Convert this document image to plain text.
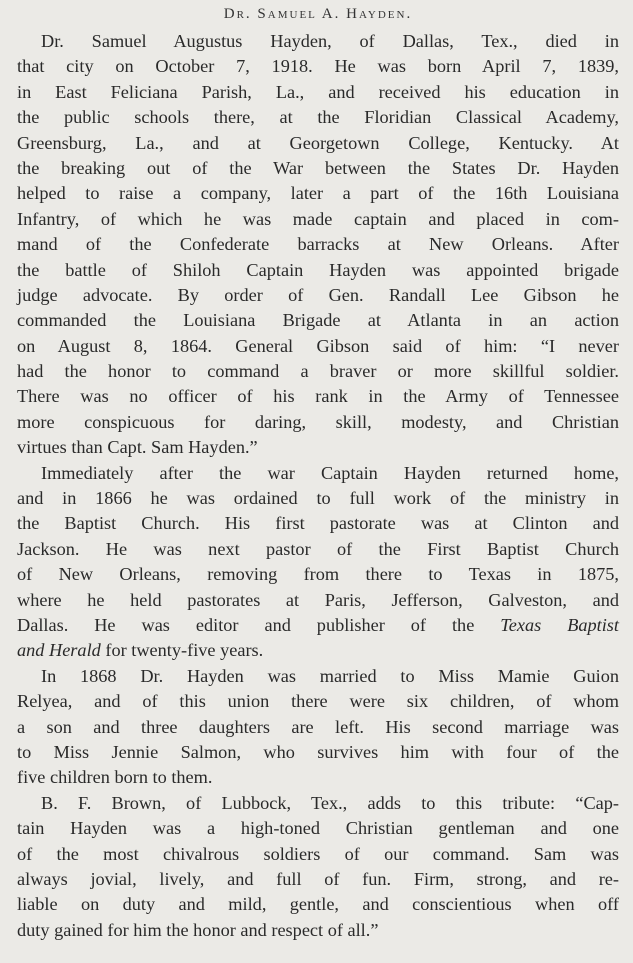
Dr. Samuel A. Hayden.
Dr. Samuel Augustus Hayden, of Dallas, Tex., died in
that city on October 7, 1918. He was born April 7, 1839,
in East Feliciana Parish, La., and received his education in
the public schools there, at the Floridian Classical Academy,
Greensburg, La., and at Georgetown College, Kentucky. At
the breaking out of the War between the States Dr. Hayden
helped to raise a company, later a part of the 16th Louisiana
Infantry, of which he was made captain and placed in com-
mand of the Confederate barracks at New Orleans. After
the battle of Shiloh Captain Hayden was appointed brigade
judge advocate. By order of Gen. Randall Lee Gibson he
commanded the Louisiana Brigade at Atlanta in an action
on August 8, 1864. General Gibson said of him: “I never
had the honor to command a braver or more skillful soldier.
There was no officer of his rank in the Army of Tennessee
more conspicuous for daring, skill, modesty, and Christian
virtues than Capt. Sam Hayden.”
Immediately after the war Captain Hayden returned home,
and in 1866 he was ordained to full work of the ministry in
the Baptist Church. His first pastorate was at Clinton and
Jackson. He was next pastor of the First Baptist Church
of New Orleans, removing from there to Texas in 1875,
where he held pastorates at Paris, Jefferson, Galveston, and
Dallas. He was editor and publisher of the Texas Baptist
and Herald for twenty-five years.
In 1868 Dr. Hayden was married to Miss Mamie Guion
Relyea, and of this union there were six children, of whom
a son and three daughters are left. His second marriage was
to Miss Jennie Salmon, who survives him with four of the
five children born to them.
B. F. Brown, of Lubbock, Tex., adds to this tribute: “Cap-
tain Hayden was a high-toned Christian gentleman and one
of the most chivalrous soldiers of our command. Sam was
always jovial, lively, and full of fun. Firm, strong, and re-
liable on duty and mild, gentle, and conscientious when off
duty gained for him the honor and respect of all.”
